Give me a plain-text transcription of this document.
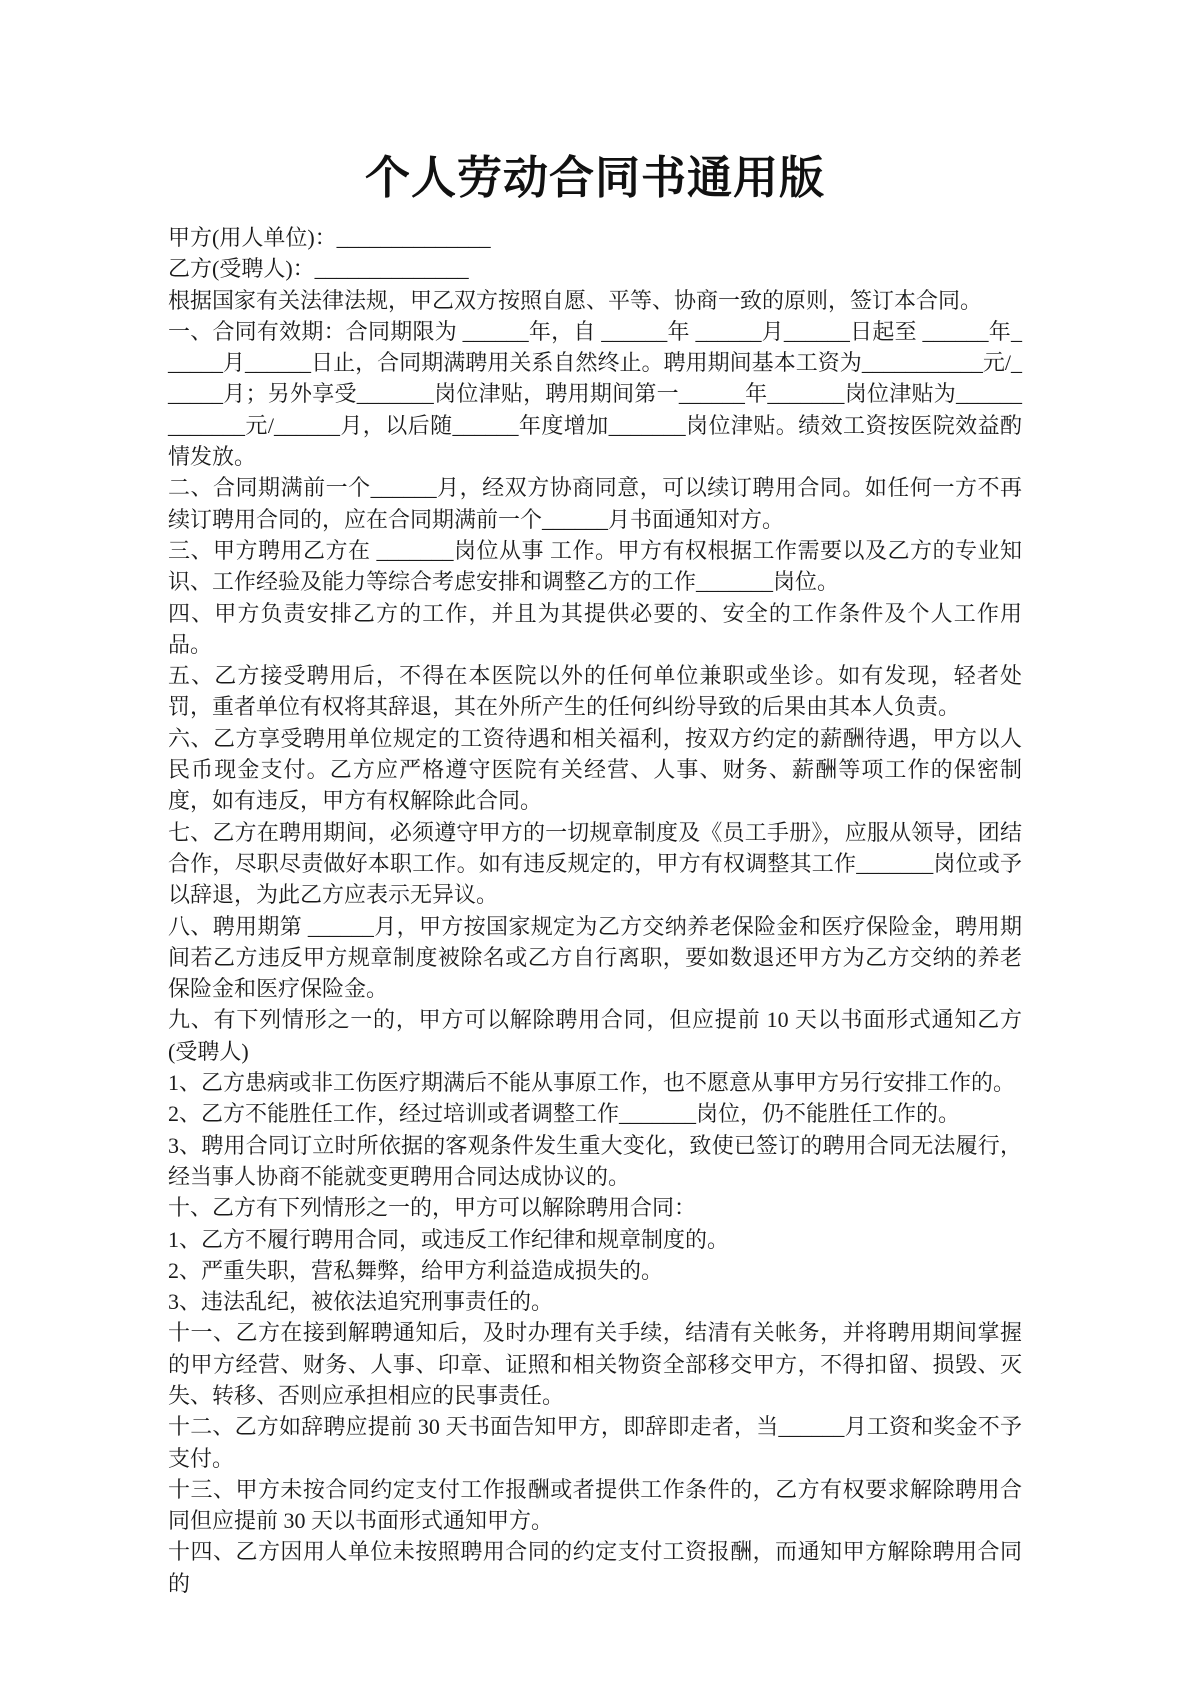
个人劳动合同书通用版

甲方(用人单位)：______________

乙方(受聘人)：______________

根据国家有关法律法规，甲乙双方按照自愿、平等、协商一致的原则，签订本合同。

一、合同有效期：合同期限为 ______年，自 ______年 ______月______日起至 ______年______月______日止，合同期满聘用关系自然终止。聘用期间基本工资为___________元/______月；另外享受_______岗位津贴，聘用期间第一______年_______岗位津贴为_____________元/______月，以后随______年度增加_______岗位津贴。绩效工资按医院效益酌情发放。

二、合同期满前一个______月，经双方协商同意，可以续订聘用合同。如任何一方不再续订聘用合同的，应在合同期满前一个______月书面通知对方。

三、甲方聘用乙方在 _______岗位从事 工作。甲方有权根据工作需要以及乙方的专业知识、工作经验及能力等综合考虑安排和调整乙方的工作_______岗位。

四、甲方负责安排乙方的工作，并且为其提供必要的、安全的工作条件及个人工作用品。

五、乙方接受聘用后，不得在本医院以外的任何单位兼职或坐诊。如有发现，轻者处罚，重者单位有权将其辞退，其在外所产生的任何纠纷导致的后果由其本人负责。

六、乙方享受聘用单位规定的工资待遇和相关福利，按双方约定的薪酬待遇，甲方以人民币现金支付。乙方应严格遵守医院有关经营、人事、财务、薪酬等项工作的保密制度，如有违反，甲方有权解除此合同。

七、乙方在聘用期间，必须遵守甲方的一切规章制度及《员工手册》，应服从领导，团结合作，尽职尽责做好本职工作。如有违反规定的，甲方有权调整其工作_______岗位或予以辞退，为此乙方应表示无异议。

八、聘用期第 ______月，甲方按国家规定为乙方交纳养老保险金和医疗保险金，聘用期间若乙方违反甲方规章制度被除名或乙方自行离职，要如数退还甲方为乙方交纳的养老保险金和医疗保险金。

九、有下列情形之一的，甲方可以解除聘用合同，但应提前 10 天以书面形式通知乙方(受聘人)

1、乙方患病或非工伤医疗期满后不能从事原工作，也不愿意从事甲方另行安排工作的。

2、乙方不能胜任工作，经过培训或者调整工作_______岗位，仍不能胜任工作的。

3、聘用合同订立时所依据的客观条件发生重大变化，致使已签订的聘用合同无法履行，经当事人协商不能就变更聘用合同达成协议的。

十、乙方有下列情形之一的，甲方可以解除聘用合同：

1、乙方不履行聘用合同，或违反工作纪律和规章制度的。

2、严重失职，营私舞弊，给甲方利益造成损失的。

3、违法乱纪，被依法追究刑事责任的。

十一、乙方在接到解聘通知后，及时办理有关手续，结清有关帐务，并将聘用期间掌握的甲方经营、财务、人事、印章、证照和相关物资全部移交甲方，不得扣留、损毁、灭失、转移、否则应承担相应的民事责任。

十二、乙方如辞聘应提前 30 天书面告知甲方，即辞即走者，当______月工资和奖金不予支付。

十三、甲方未按合同约定支付工作报酬或者提供工作条件的，乙方有权要求解除聘用合同但应提前 30 天以书面形式通知甲方。

十四、乙方因用人单位未按照聘用合同的约定支付工资报酬，而通知甲方解除聘用合同的
